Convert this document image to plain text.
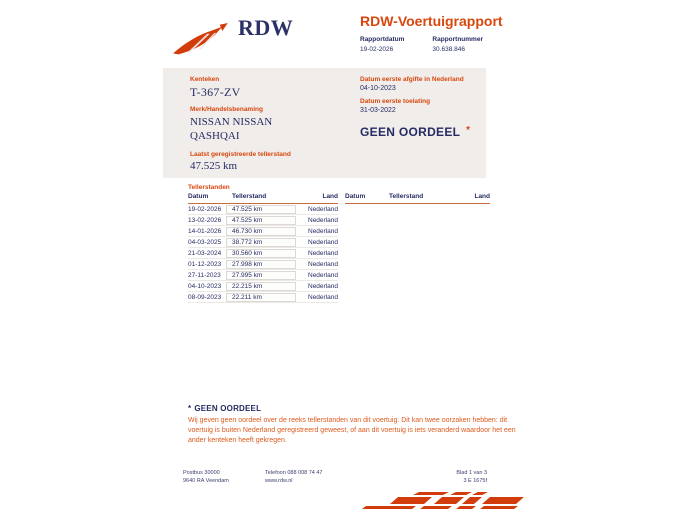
RDW	RDW-Voertuigrapport
Rapportdatum
19-02-2026
Rapportnummer
30.638.846
Kenteken
T-367-ZV
Merk/Handelsbenaming
NISSAN NISSAN QASHQAI
Laatst geregistreerde tellerstand
47.525 km
Datum eerste afgifte in Nederland
04-10-2023
Datum eerste toelating
31-03-2022
GEEN OORDEEL *
Tellerstanden
Datum	Tellerstand	Land
19-02-2026	47.525 km	Nederland
13-02-2026	47.525 km	Nederland
14-01-2026	46.730 km	Nederland
04-03-2025	38.772 km	Nederland
21-03-2024	30.560 km	Nederland
01-12-2023	27.998 km	Nederland
27-11-2023	27.995 km	Nederland
04-10-2023	22.215 km	Nederland
08-09-2023	22.211 km	Nederland
Datum	Tellerstand	Land
* GEEN OORDEEL
Wij geven geen oordeel over de reeks tellerstanden van dit voertuig. Dit kan twee oorzaken hebben: dit voertuig is buiten Nederland geregistreerd geweest, of aan dit voertuig is iets veranderd waardoor het een ander kenteken heeft gekregen.
Postbus 30000
9640 RA Veendam
Telefoon 088 008 74 47
www.rdw.nl
Blad 1 van 3
3 E 1675f
